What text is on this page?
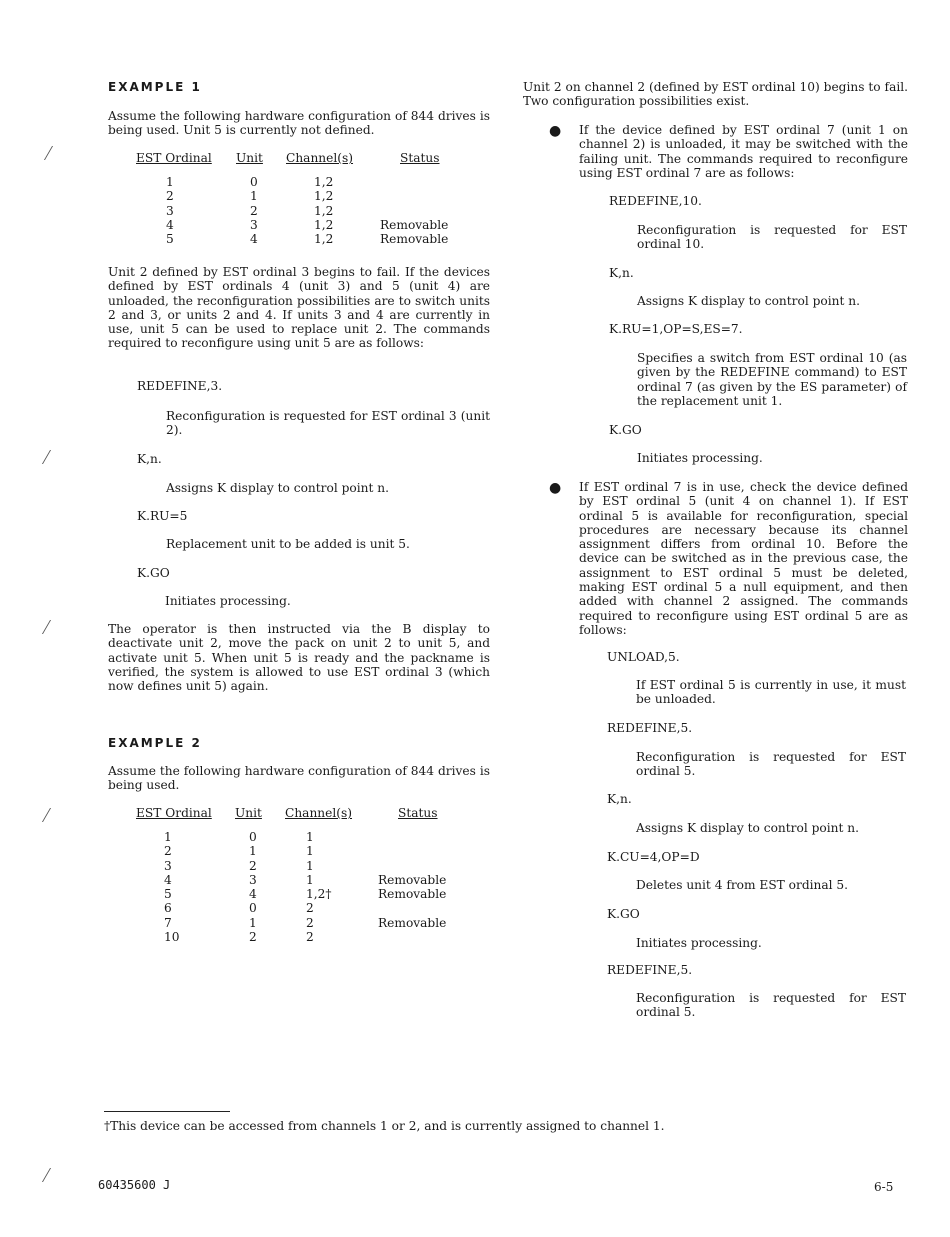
EXAMPLE 1

Assume the following hardware configuration of 844 drives is being used. Unit 5 is currently not defined.

EST Ordinal	Unit	Channel(s)	Status
1	0	1,2	
2	1	1,2	
3	2	1,2	
4	3	1,2	Removable
5	4	1,2	Removable

Unit 2 defined by EST ordinal 3 begins to fail. If the devices defined by EST ordinals 4 (unit 3) and 5 (unit 4) are unloaded, the reconfiguration possibilities are to switch units 2 and 3, or units 2 and 4. If units 3 and 4 are currently in use, unit 5 can be used to replace unit 2. The commands required to reconfigure using unit 5 are as follows:

REDEFINE,3.

Reconfiguration is requested for EST ordinal 3 (unit 2).

K,n.

Assigns K display to control point n.

K.RU=5

Replacement unit to be added is unit 5.

K.GO

Initiates processing.

The operator is then instructed via the B display to deactivate unit 2, move the pack on unit 2 to unit 5, and activate unit 5. When unit 5 is ready and the packname is verified, the system is allowed to use EST ordinal 3 (which now defines unit 5) again.

EXAMPLE 2

Assume the following hardware configuration of 844 drives is being used.

EST Ordinal	Unit	Channel(s)	Status
1	0	1	
2	1	1	
3	2	1	
4	3	1	Removable
5	4	1,2†	Removable
6	0	2	
7	1	2	Removable
10	2	2	

Unit 2 on channel 2 (defined by EST ordinal 10) begins to fail. Two configuration possibilities exist.

● If the device defined by EST ordinal 7 (unit 1 on channel 2) is unloaded, it may be switched with the failing unit. The commands required to reconfigure using EST ordinal 7 are as follows:

REDEFINE,10.

Reconfiguration is requested for EST ordinal 10.

K,n.

Assigns K display to control point n.

K.RU=1,OP=S,ES=7.

Specifies a switch from EST ordinal 10 (as given by the REDEFINE command) to EST ordinal 7 (as given by the ES parameter) of the replacement unit 1.

K.GO

Initiates processing.

● If EST ordinal 7 is in use, check the device defined by EST ordinal 5 (unit 4 on channel 1). If EST ordinal 5 is available for reconfiguration, special procedures are necessary because its channel assignment differs from ordinal 10. Before the device can be switched as in the previous case, the assignment to EST ordinal 5 must be deleted, making EST ordinal 5 a null equipment, and then added with channel 2 assigned. The commands required to reconfigure using EST ordinal 5 are as follows:

UNLOAD,5.

If EST ordinal 5 is currently in use, it must be unloaded.

REDEFINE,5.

Reconfiguration is requested for EST ordinal 5.

K,n.

Assigns K display to control point n.

K.CU=4,OP=D

Deletes unit 4 from EST ordinal 5.

K.GO

Initiates processing.

REDEFINE,5.

Reconfiguration is requested for EST ordinal 5.

†This device can be accessed from channels 1 or 2, and is currently assigned to channel 1.

60435600 J	6-5
